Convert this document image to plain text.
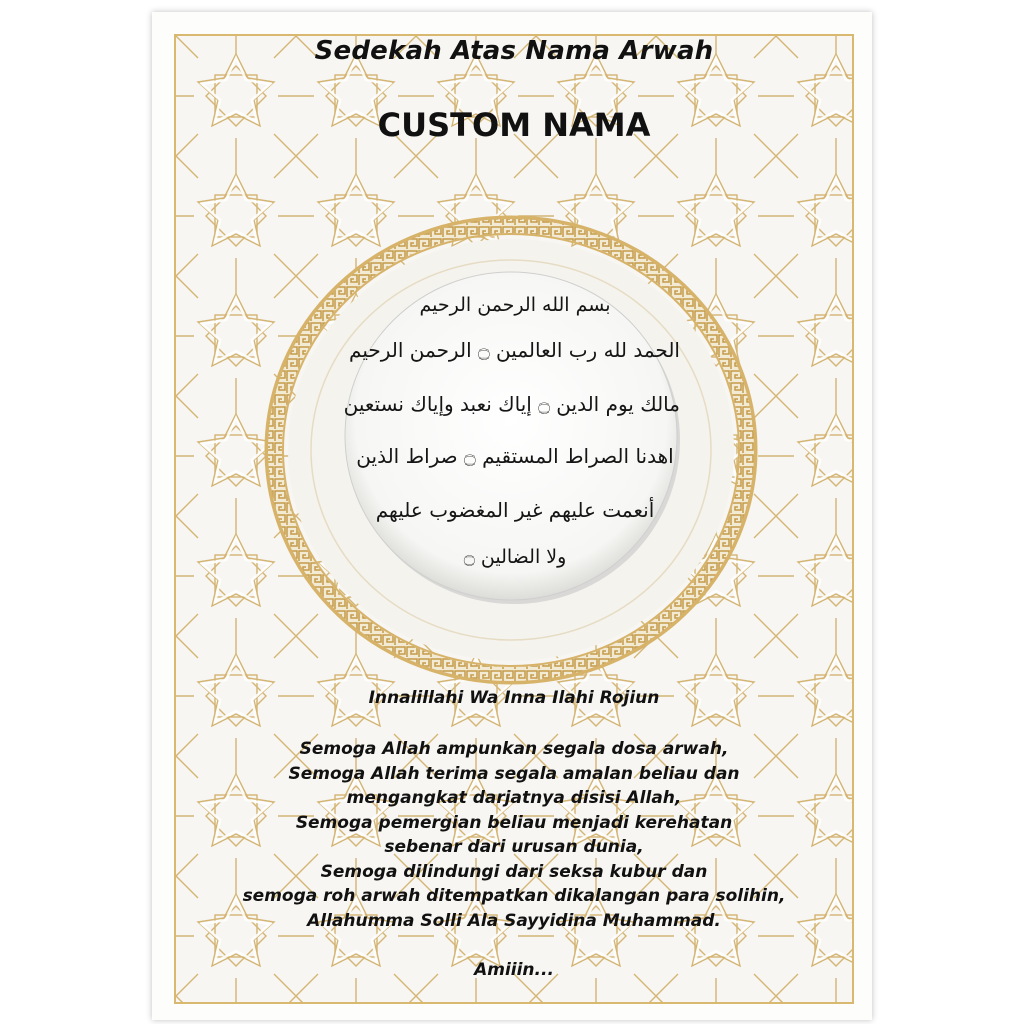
Sedekah Atas Nama Arwah
CUSTOM NAMA
بسم الله الرحمن الرحيم
الحمد لله رب العالمين ۝ الرحمن الرحيم
مالك يوم الدين ۝ إياك نعبد وإياك نستعين
اهدنا الصراط المستقيم ۝ صراط الذين
أنعمت عليهم غير المغضوب عليهم
ولا الضالين ۝
Innalillahi Wa Inna Ilahi Rojiun
Semoga Allah ampunkan segala dosa arwah,
Semoga Allah terima segala amalan beliau dan
mengangkat darjatnya disisi Allah,
Semoga pemergian beliau menjadi kerehatan
sebenar dari urusan dunia,
Semoga dilindungi dari seksa kubur dan
semoga roh arwah ditempatkan dikalangan para solihin,
Allahumma Solli Ala Sayyidina Muhammad.
Amiiin...
